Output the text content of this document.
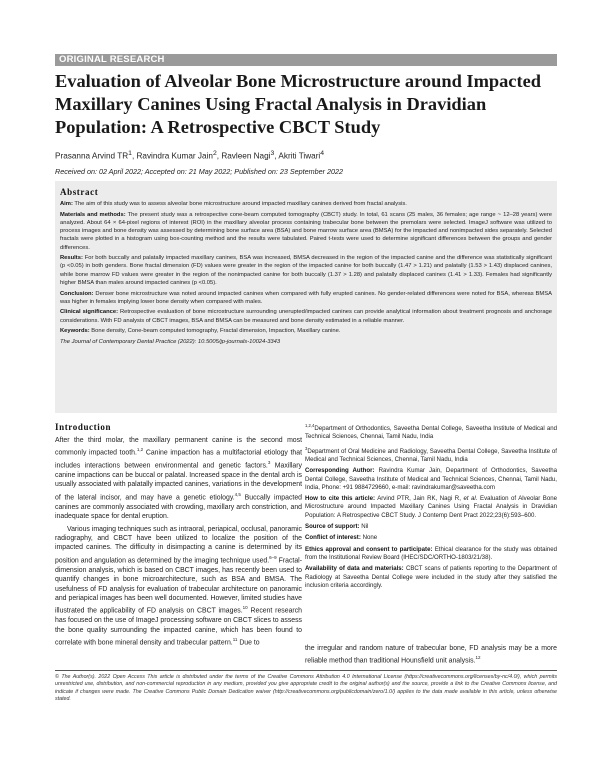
ORIGINAL RESEARCH
Evaluation of Alveolar Bone Microstructure around Impacted Maxillary Canines Using Fractal Analysis in Dravidian Population: A Retrospective CBCT Study
Prasanna Arvind $TR^1$, Ravindra Kumar Jain$^2$, Ravleen Nagi$^3$, Akriti Tiwari$^4$
Received on: 02 April 2022; Accepted on: 21 May 2022; Published on: 23 September 2022
Abstract

Aim: The aim of this study was to assess alveolar bone microstructure around impacted maxillary canines derived from fractal analysis.

Materials and methods: The present study was a retrospective cone-beam computed tomography (CBCT) study. In total, 61 scans (25 males, 36 females; age range ~ 12–28 years) were analyzed. About 64 × 64-pixel regions of interest (ROI) in the maxillary alveolar process containing trabecular bone between the premolars were selected. ImageJ software was utilized to process images and bone density was assessed by determining bone surface area (BSA) and bone marrow surface area (BMSA) for the impacted and nonimpacted sides separately. Selected fractals were plotted in a histogram using box-counting method and the results were tabulated. Paired t-tests were used to determine significant differences between the groups and gender differences.

Results: For both buccally and palatally impacted maxillary canines, BSA was increased, BMSA decreased in the region of the impacted canine and the difference was statistically significant (p <0.05) in both genders. Bone fractal dimension (FD) values were greater in the region of the impacted canine for both buccally (1.47 > 1.21) and palatally (1.53 > 1.43) displaced canines, while bone marrow FD values were greater in the region of the nonimpacted canine for both buccally (1.37 > 1.28) and palatally displaced canines (1.41 > 1.33). Females had significantly higher BMSA than males around impacted canines (p <0.05).

Conclusion: Denser bone microstructure was noted around impacted canines when compared with fully erupted canines. No gender-related differences were noted for BSA, whereas BMSA was higher in females implying lower bone density when compared with males.

Clinical significance: Retrospective evaluation of bone microstructure surrounding unerupted/impacted canines can provide analytical information about treatment prognosis and anchorage considerations. With FD analysis of CBCT images, BSA and BMSA can be measured and bone density estimated in a reliable manner.

Keywords: Bone density, Cone-beam computed tomography, Fractal dimension, Impaction, Maxillary canine.

The Journal of Contemporary Dental Practice (2022): 10.5005/jp-journals-10024-3343

Introduction

After the third molar, the maxillary permanent canine is the second most commonly impacted tooth.$^{1,2}$ Canine impaction has a multifactorial etiology that includes interactions between environmental and genetic factors.$^3$ Maxillary canine impactions can be buccal or palatal. Increased space in the dental arch is usually associated with palatally impacted canines, variations in the development of the lateral incisor, and may have a genetic etiology.$^{4,5}$ Buccally impacted canines are commonly associated with crowding, maxillary arch constriction, and inadequate space for dental eruption.

Various imaging techniques such as intraoral, periapical, occlusal, panoramic radiography, and CBCT have been utilized to localize the position of the impacted canines. The difficulty in disimpacting a canine is determined by its position and angulation as determined by the imaging technique used.$^{6-9}$ Fractal-dimension analysis, which is based on CBCT images, has recently been used to quantify changes in bone microarchitecture, such as BSA and BMSA. The usefulness of FD analysis for evaluation of trabecular architecture on panoramic and periapical images has been well documented. However, limited studies have illustrated the applicability of FD analysis on CBCT images.$^{10}$ Recent research has focused on the use of ImageJ processing software on CBCT slices to assess the bone quality surrounding the impacted canine, which has been found to correlate with bone mineral density and trabecular pattern.$^{11}$ Due to

$^{1,2,4}$Department of Orthodontics, Saveetha Dental College, Saveetha Institute of Medical and Technical Sciences, Chennai, Tamil Nadu, India

$^3$Department of Oral Medicine and Radiology, Saveetha Dental College, Saveetha Institute of Medical and Technical Sciences, Chennai, Tamil Nadu, India

Corresponding Author: Ravindra Kumar Jain, Department of Orthodontics, Saveetha Dental College, Saveetha Institute of Medical and Technical Sciences, Chennai, Tamil Nadu, India, Phone: +91 9884729660, e-mail: ravindrakumar@saveetha.com

How to cite this article: Arvind PTR, Jain RK, Nagi R, et al. Evaluation of Alveolar Bone Microstructure around Impacted Maxillary Canines Using Fractal Analysis in Dravidian Population: A Retrospective CBCT Study. J Contemp Dent Pract 2022;23(6):593–600.

Source of support: Nil

Conflict of interest: None

Ethics approval and consent to participate: Ethical clearance for the study was obtained from the Institutional Review Board (IHEC/SDC/ORTHO-1803/21/38).

Availability of data and materials: CBCT scans of patients reporting to the Department of Radiology at Saveetha Dental College were included in the study after they satisfied the inclusion criteria accordingly.

the irregular and random nature of trabecular bone, FD analysis may be a more reliable method than traditional Hounsfield unit analysis.$^{12}$

© The Author(s). 2022 Open Access This article is distributed under the terms of the Creative Commons Attribution 4.0 International License (https://creativecommons.org/licenses/by-nc/4.0/), which permits unrestricted use, distribution, and non-commercial reproduction in any medium, provided you give appropriate credit to the original author(s) and the source, provide a link to the Creative Commons license, and indicate if changes were made. The Creative Commons Public Domain Dedication waiver (http://creativecommons.org/publicdomain/zero/1.0/) applies to the data made available in this article, unless otherwise stated.
